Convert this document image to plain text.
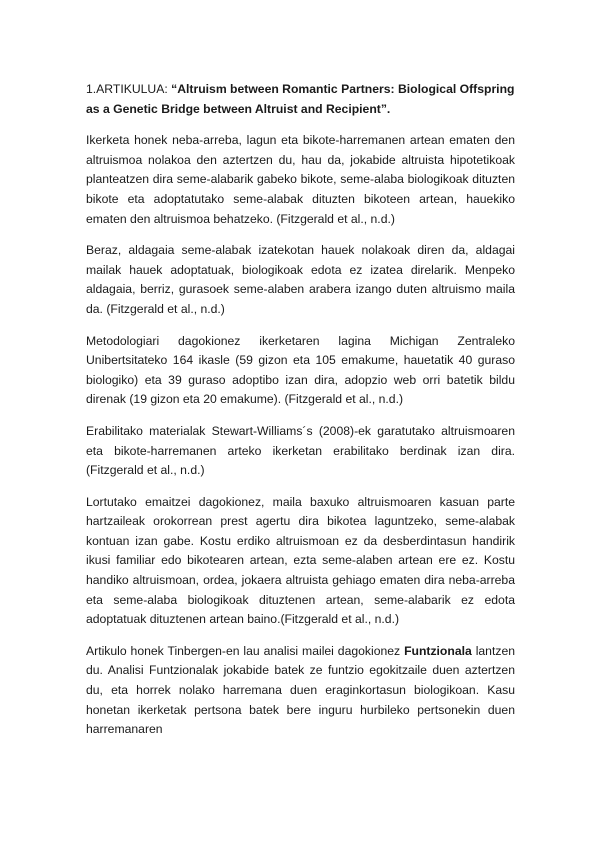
1.ARTIKULUA: “Altruism between Romantic Partners: Biological Offspring as a Genetic Bridge between Altruist and Recipient”.

Ikerketa honek neba-arreba, lagun eta bikote-harremanen artean ematen den altruismoa nolakoa den aztertzen du, hau da, jokabide altruista hipotetikoak planteatzen dira seme-alabarik gabeko bikote, seme-alaba biologikoak dituzten bikote eta adoptatutako seme-alabak dituzten bikoteen artean, hauekiko ematen den altruismoa behatzeko. (Fitzgerald et al., n.d.)

Beraz, aldagaia seme-alabak izatekotan hauek nolakoak diren da, aldagai mailak hauek adoptatuak, biologikoak edota ez izatea direlarik. Menpeko aldagaia, berriz, gurasoek seme-alaben arabera izango duten altruismo maila da. (Fitzgerald et al., n.d.)

Metodologiari dagokionez ikerketaren lagina Michigan Zentraleko Unibertsitateko 164 ikasle (59 gizon eta 105 emakume, hauetatik 40 guraso biologiko) eta 39 guraso adoptibo izan dira, adopzio web orri batetik bildu direnak (19 gizon eta 20 emakume). (Fitzgerald et al., n.d.)

Erabilitako materialak Stewart-Williams´s (2008)-ek garatutako altruismoaren eta bikote-harremanen arteko ikerketan erabilitako berdinak izan dira. (Fitzgerald et al., n.d.)

Lortutako emaitzei dagokionez, maila baxuko altruismoaren kasuan parte hartzaileak orokorrean prest agertu dira bikotea laguntzeko, seme-alabak kontuan izan gabe. Kostu erdiko altruismoan ez da desberdintasun handirik ikusi familiar edo bikotearen artean, ezta seme-alaben artean ere ez. Kostu handiko altruismoan, ordea, jokaera altruista gehiago ematen dira neba-arreba eta seme-alaba biologikoak dituztenen artean, seme-alabarik ez edota adoptatuak dituztenen artean baino.(Fitzgerald et al., n.d.)

Artikulo honek Tinbergen-en lau analisi mailei dagokionez Funtzionala lantzen du. Analisi Funtzionalak jokabide batek ze funtzio egokitzaile duen aztertzen du, eta horrek nolako harremana duen eraginkortasun biologikoan. Kasu honetan ikerketak pertsona batek bere inguru hurbileko pertsonekin duen harremanaren
